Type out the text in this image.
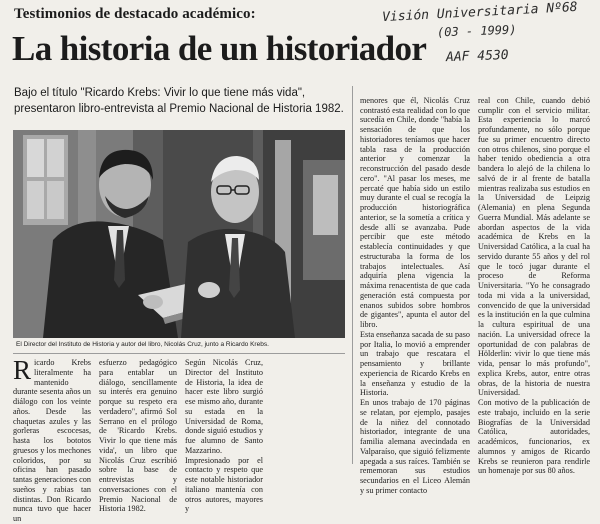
Testimonios de destacado académico:
La historia de un historiador
Visión Universitaria Nº68
(03 - 1999)
AAF 4530
Bajo el título "Ricardo Krebs: Vivir lo que tiene más vida", presentaron libro-entrevista al Premio Nacional de Historia 1982.
El Director del Instituto de Historia y autor del libro, Nicolás Cruz, junto a Ricardo Krebs.

Ricardo Krebs literalmente ha mantenido durante sesenta años un diálogo con los veinte años. Desde las chaquetas azules y las gorleras escocesas, hasta los bototos gruesos y los mechones coloridos, por su oficina han pasado tantas generaciones con sueños y rabias tan distintas. Don Ricardo nunca tuvo que hacer un

esfuerzo pedagógico para entablar un diálogo, sencillamente su interés era genuino porque su respeto era verdadero", afirmó Sol Serrano en el prólogo de 'Ricardo Krebs. Vivir lo que tiene más vida', un libro que Nicolás Cruz escribió sobre la base de entrevistas y conversaciones con el Premio Nacional de Historia 1982.

Según Nicolás Cruz, Director del Instituto de Historia, la idea de hacer este libro surgió ese mismo año, durante su estada en la Universidad de Roma, donde siguió estudios y fue alumno de Santo Mazzarino. Impresionado por el contacto y respeto que este notable historiador italiano mantenía con otros autores, mayores y

menores que él, Nicolás Cruz contrastó esta realidad con lo que sucedía en Chile, donde "había la sensación de que los historiadores teníamos que hacer tabla rasa de la producción anterior y comenzar la reconstrucción del pasado desde cero". "Al pasar los meses, me percaté que había sido un estilo muy durante el cual se recogía la producción historiográfica anterior, se la sometía a crítica y desde allí se avanzaba. Pude percibir que este método establecía continuidades y que estructuraba la forma de los trabajos intelectuales. Así adquiría plena vigencia la máxima renacentista de que cada generación está compuesta por enanos subidos sobre hombros de gigantes", apunta el autor del libro.
Esta enseñanza sacada de su paso por Italia, lo movió a emprender un trabajo que rescatara el pensamiento y brillante experiencia de Ricardo Krebs en la enseñanza y estudio de la Historia.
En unos trabajo de 170 páginas se relatan, por ejemplo, pasajes de la niñez del connotado historiador, integrante de una familia alemana avecindada en Valparaíso, que siguió felizmente apegada a sus raíces. También se rememoran sus estudios secundarios en el Liceo Alemán y su primer contacto

real con Chile, cuando debió cumplir con el servicio militar. Esta experiencia lo marcó profundamente, no sólo porque fue su primer encuentro directo con otros chilenos, sino porque el haber tenido obediencia a otra bandera lo alejó de la chilena lo salvó de ir al frente de batalla mientras realizaba sus estudios en la Universidad de Leipzig (Alemania) en plena Segunda Guerra Mundial. Más adelante se abordan aspectos de la vida académica de Krebs en la Universidad Católica, a la cual ha servido durante 55 años y del rol que le tocó jugar durante el proceso de Reforma Universitaria. "Yo he consagrado toda mi vida a la universidad, convencido de que la universidad es la institución en la que culmina la cultura espiritual de una nación. La universidad ofrece la oportunidad de con palabras de Hölderlin: vivir lo que tiene más vida, pensar lo más profundo", explica Krebs, autor, entre otras obras, de la historia de nuestra Universidad.
Con motivo de la publicación de este trabajo, incluido en la serie Biografías de la Universidad Católica, autoridades, académicos, funcionarios, ex alumnos y amigos de Ricardo Krebs se reunieron para rendirle un homenaje por sus 80 años.
